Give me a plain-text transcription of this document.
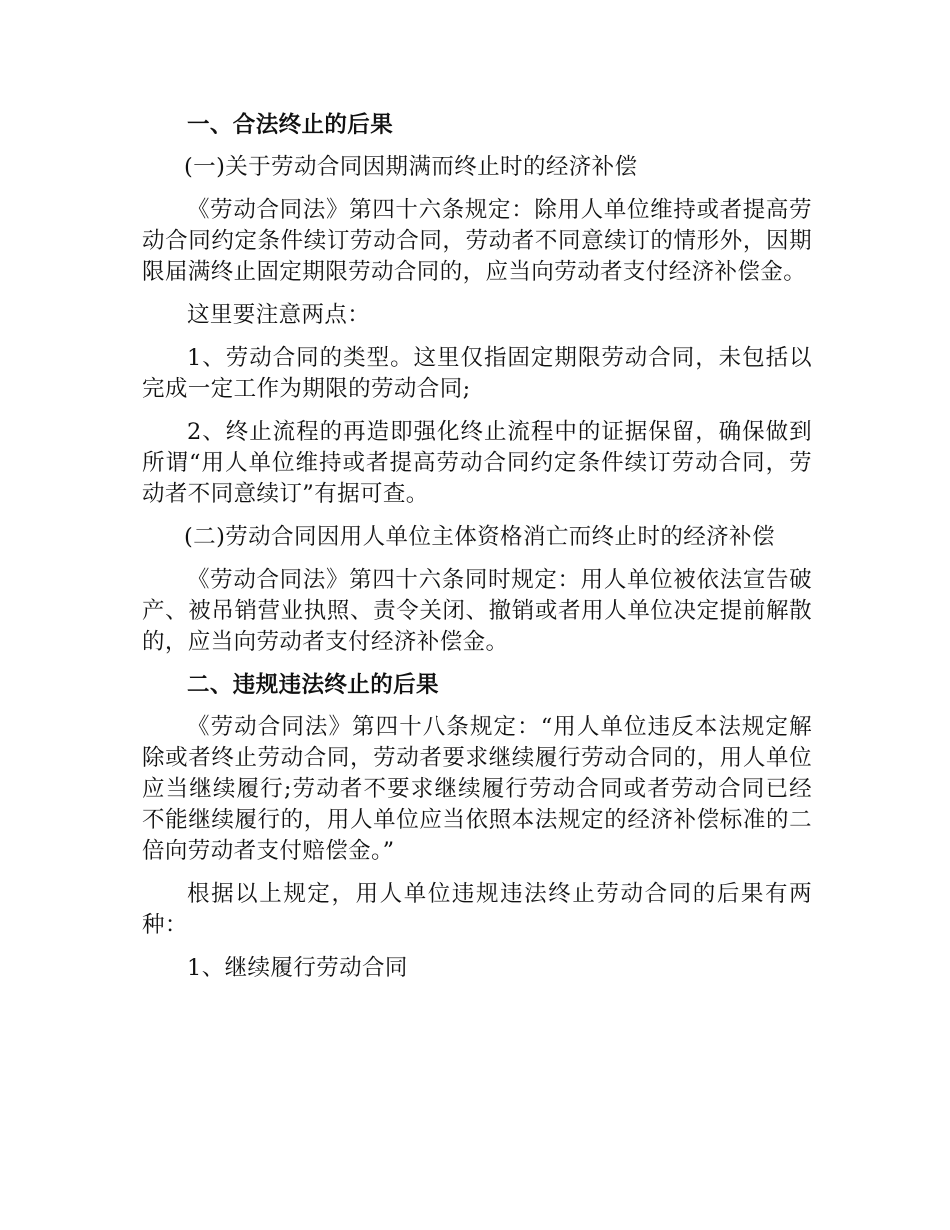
一、合法终止的后果
(一)关于劳动合同因期满而终止时的经济补偿
《劳动合同法》第四十六条规定：除用人单位维持或者提高劳动合同约定条件续订劳动合同，劳动者不同意续订的情形外，因期限届满终止固定期限劳动合同的，应当向劳动者支付经济补偿金。
这里要注意两点：
1、劳动合同的类型。这里仅指固定期限劳动合同，未包括以完成一定工作为期限的劳动合同;
2、终止流程的再造即强化终止流程中的证据保留，确保做到所谓“用人单位维持或者提高劳动合同约定条件续订劳动合同，劳动者不同意续订”有据可查。
(二)劳动合同因用人单位主体资格消亡而终止时的经济补偿
《劳动合同法》第四十六条同时规定：用人单位被依法宣告破产、被吊销营业执照、责令关闭、撤销或者用人单位决定提前解散的，应当向劳动者支付经济补偿金。
二、违规违法终止的后果
《劳动合同法》第四十八条规定：“用人单位违反本法规定解除或者终止劳动合同，劳动者要求继续履行劳动合同的，用人单位应当继续履行;劳动者不要求继续履行劳动合同或者劳动合同已经不能继续履行的，用人单位应当依照本法规定的经济补偿标准的二倍向劳动者支付赔偿金。”
根据以上规定，用人单位违规违法终止劳动合同的后果有两种：
1、继续履行劳动合同
